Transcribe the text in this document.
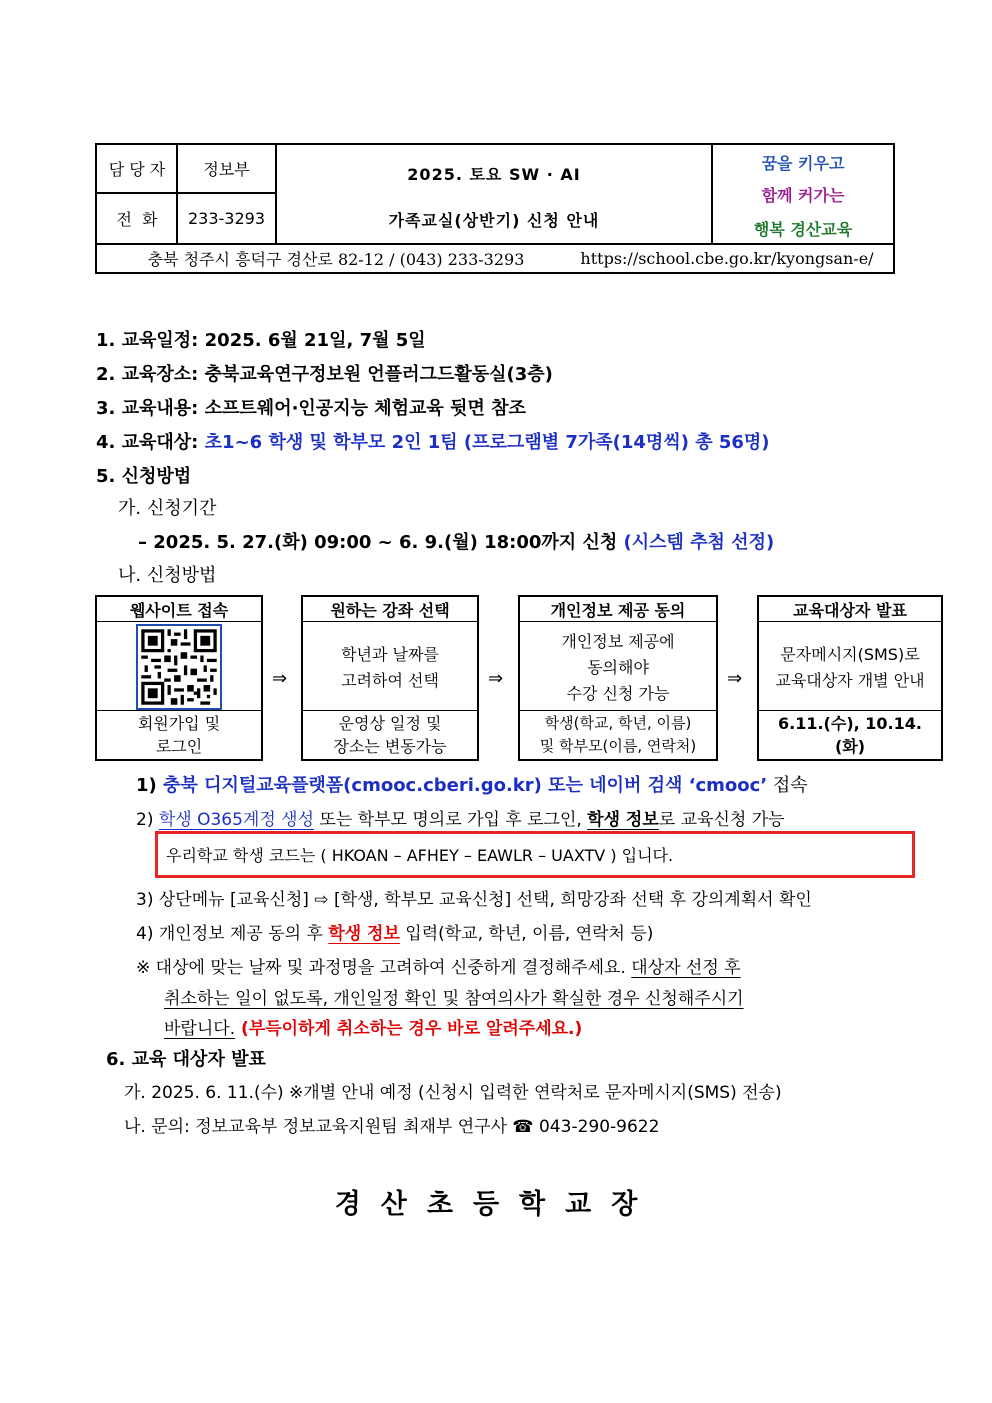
담 당 자	정보부
전  화	233-3293
2025. 토요 SW · AI
가족교실(상반기) 신청 안내
꿈을 키우고
함께 커가는
행복 경산교육
충북 청주시 흥덕구 경산로 82-12 / (043) 233-3293	https://school.cbe.go.kr/kyongsan-e/
1. 교육일정: 2025. 6월 21일, 7월 5일
2. 교육장소: 충북교육연구정보원 언플러그드활동실(3층)
3. 교육내용: 소프트웨어·인공지능 체험교육 뒷면 참조
4. 교육대상: 초1~6 학생 및 학부모 2인 1팀 (프로그램별 7가족(14명씩) 총 56명)
5. 신청방법
가. 신청기간
– 2025. 5. 27.(화) 09:00 ~ 6. 9.(월) 18:00까지 신청 (시스템 추첨 선정)
나. 신청방법
웹사이트 접속
회원가입 및
로그인
⇒
원하는 강좌 선택
학년과 날짜를
고려하여 선택
운영상 일정 및
장소는 변동가능
⇒
개인정보 제공 동의
개인정보 제공에
동의해야
수강 신청 가능
학생(학교, 학년, 이름)
및 학부모(이름, 연락처)
⇒
교육대상자 발표
문자메시지(SMS)로
교육대상자 개별 안내
6.11.(수), 10.14.
(화)
1) 충북 디지털교육플랫폼(cmooc.cberi.go.kr) 또는 네이버 검색 ‘cmooc’ 접속
2) 학생 O365계정 생성 또는 학부모 명의로 가입 후 로그인, 학생 정보로 교육신청 가능
우리학교 학생 코드는 ( HKOAN – AFHEY – EAWLR – UAXTV ) 입니다.
3) 상단메뉴 [교육신청] ⇨ [학생, 학부모 교육신청] 선택, 희망강좌 선택 후 강의계획서 확인
4) 개인정보 제공 동의 후 학생 정보 입력(학교, 학년, 이름, 연락처 등)
※ 대상에 맞는 날짜 및 과정명을 고려하여 신중하게 결정해주세요. 대상자 선정 후
취소하는 일이 없도록, 개인일정 확인 및 참여의사가 확실한 경우 신청해주시기
바랍니다. (부득이하게 취소하는 경우 바로 알려주세요.)
6. 교육 대상자 발표
가. 2025. 6. 11.(수) ※개별 안내 예정 (신청시 입력한 연락처로 문자메시지(SMS) 전송)
나. 문의: 정보교육부 정보교육지원팀 최재부 연구사 ☎ 043-290-9622
경산초등학교장
